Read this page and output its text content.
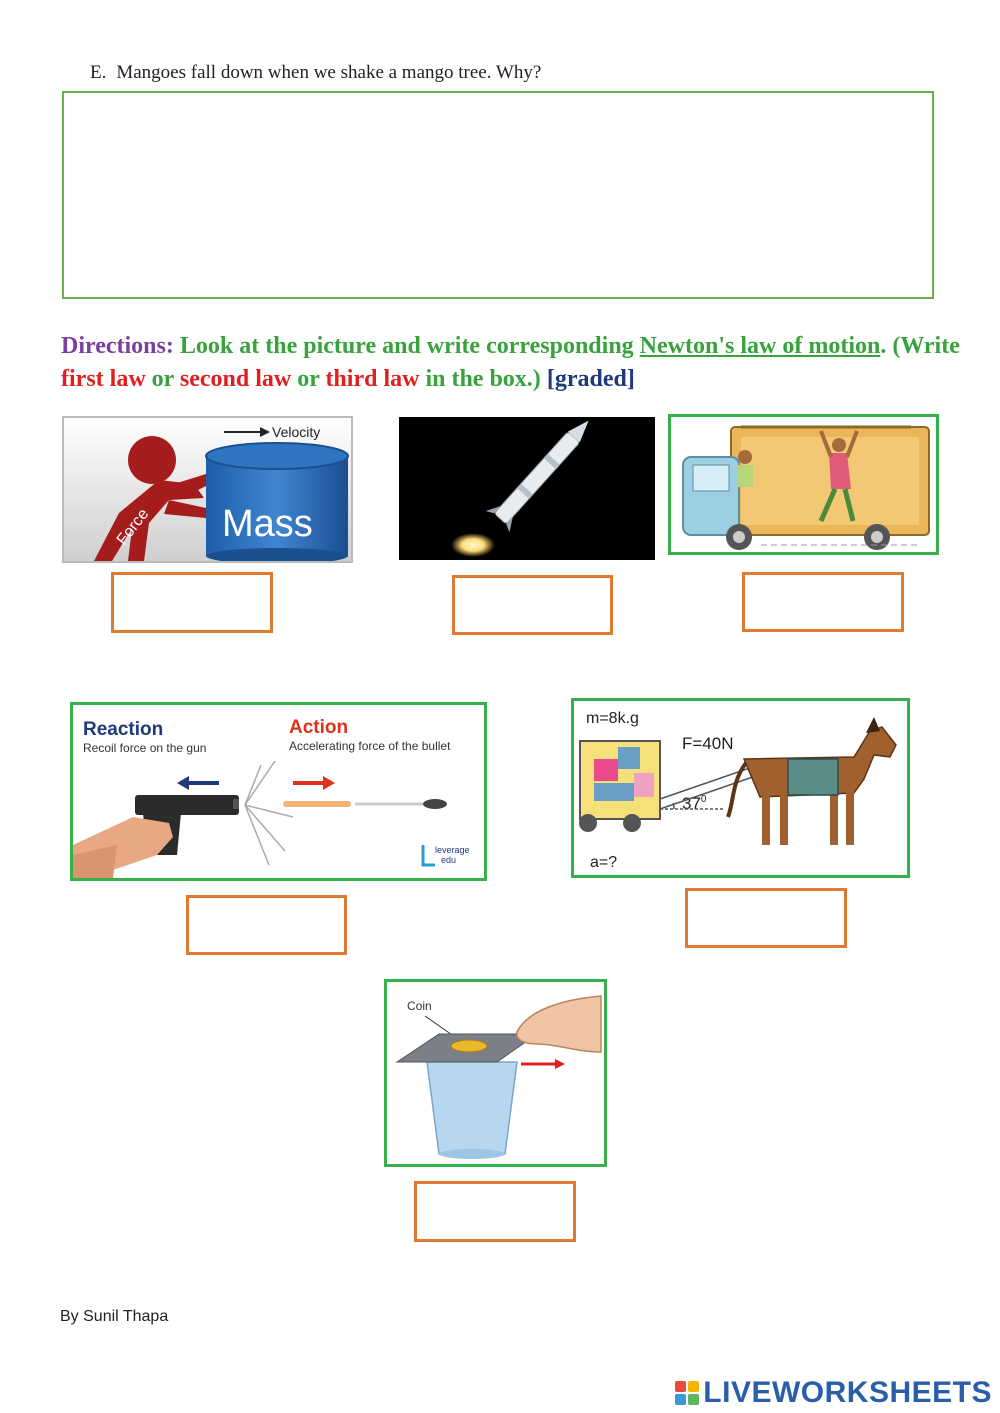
E. Mangoes fall down when we shake a mango tree. Why?
Directions: Look at the picture and write corresponding Newton's law of motion. (Write first law or second law or third law in the box.) [graded]
Velocity
Mass
Force
Reaction
Recoil force on the gun
Action
Accelerating force of the bullet
leverage
edu
m=8k.g
F=40N
$37^0$
a=?
Coin
By Sunil Thapa
LIVEWORKSHEETS
